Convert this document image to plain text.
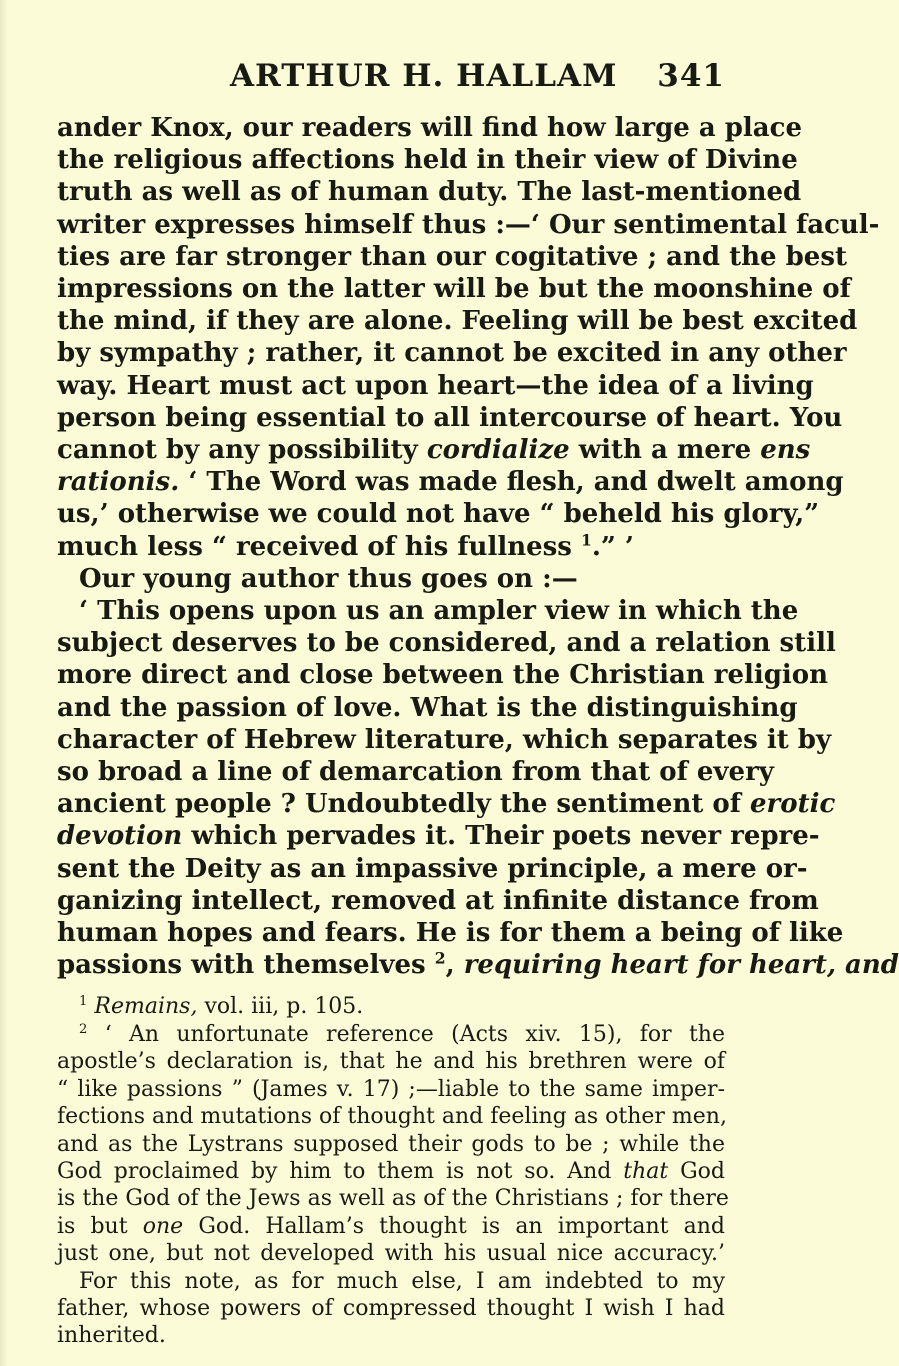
ARTHUR H. HALLAM 341
ander Knox, our readers will find how large a place
the religious affections held in their view of Divine
truth as well as of human duty. The last-mentioned
writer expresses himself thus :—‘ Our sentimental facul-
ties are far stronger than our cogitative ; and the best
impressions on the latter will be but the moonshine of
the mind, if they are alone. Feeling will be best excited
by sympathy ; rather, it cannot be excited in any other
way. Heart must act upon heart—the idea of a living
person being essential to all intercourse of heart. You
cannot by any possibility cordialize with a mere ens
rationis. ‘ The Word was made flesh, and dwelt among
us,’ otherwise we could not have “ beheld his glory,”
much less “ received of his fullness $^1$.” ’
Our young author thus goes on :—
‘ This opens upon us an ampler view in which the
subject deserves to be considered, and a relation still
more direct and close between the Christian religion
and the passion of love. What is the distinguishing
character of Hebrew literature, which separates it by
so broad a line of demarcation from that of every
ancient people ? Undoubtedly the sentiment of erotic
devotion which pervades it. Their poets never repre-
sent the Deity as an impassive principle, a mere or-
ganizing intellect, removed at infinite distance from
human hopes and fears. He is for them a being of like
passions with themselves $^2$, requiring heart for heart, and
$^1$ Remains, vol. iii, p. 105.
$^2$ ‘ An unfortunate reference (Acts xiv. 15), for the
apostle’s declaration is, that he and his brethren were of
“ like passions ” (James v. 17) ;—liable to the same imper-
fections and mutations of thought and feeling as other men,
and as the Lystrans supposed their gods to be ; while the
God proclaimed by him to them is not so. And that God
is the God of the Jews as well as of the Christians ; for there
is but one God. Hallam’s thought is an important and
just one, but not developed with his usual nice accuracy.’
For this note, as for much else, I am indebted to my
father, whose powers of compressed thought I wish I had
inherited.
